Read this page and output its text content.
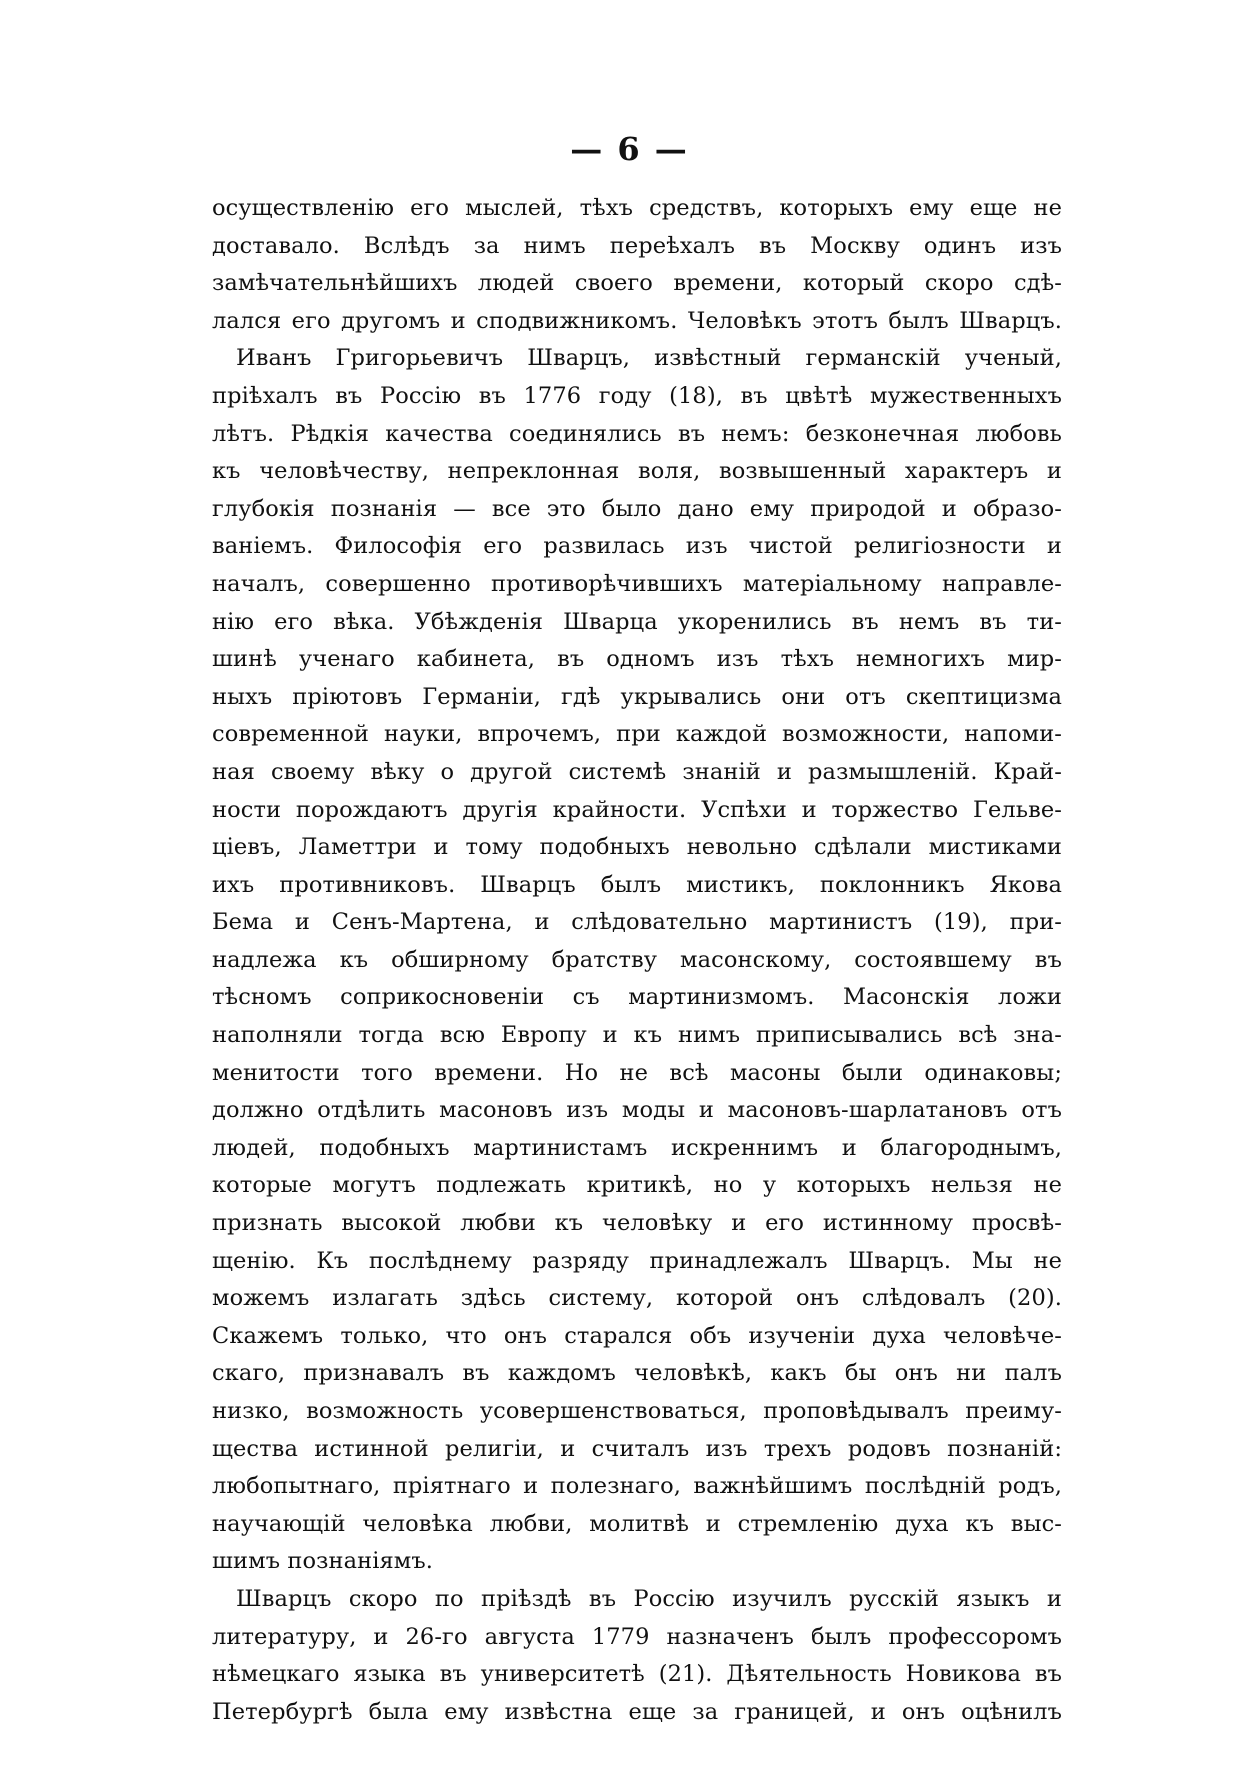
— 6 —
осуществленію его мыслей, тѣхъ средствъ, которыхъ ему еще не
доставало. Вслѣдъ за нимъ переѣхалъ въ Москву одинъ изъ
замѣчательнѣйшихъ людей своего времени, который скоро сдѣ-
лался его другомъ и сподвижникомъ. Человѣкъ этотъ былъ Шварцъ.
Иванъ Григорьевичъ Шварцъ, извѣстный германскій ученый,
пріѣхалъ въ Россію въ 1776 году (18), въ цвѣтѣ мужественныхъ
лѣтъ. Рѣдкія качества соединялись въ немъ: безконечная любовь
къ человѣчеству, непреклонная воля, возвышенный характеръ и
глубокія познанія — все это было дано ему природой и образо-
ваніемъ. Философія его развилась изъ чистой религіозности и
началъ, совершенно противорѣчившихъ матеріальному направле-
нію его вѣка. Убѣжденія Шварца укоренились въ немъ въ ти-
шинѣ ученаго кабинета, въ одномъ изъ тѣхъ немногихъ мир-
ныхъ пріютовъ Германіи, гдѣ укрывались они отъ скептицизма
современной науки, впрочемъ, при каждой возможности, напоми-
ная своему вѣку о другой системѣ знаній и размышленій. Край-
ности порождаютъ другія крайности. Успѣхи и торжество Гельве-
ціевъ, Ламеттри и тому подобныхъ невольно сдѣлали мистиками
ихъ противниковъ. Шварцъ былъ мистикъ, поклонникъ Якова
Бема и Сенъ-Мартена, и слѣдовательно мартинистъ (19), при-
надлежа къ обширному братству масонскому, состоявшему въ
тѣсномъ соприкосновеніи съ мартинизмомъ. Масонскія ложи
наполняли тогда всю Европу и къ нимъ приписывались всѣ зна-
менитости того времени. Но не всѣ масоны были одинаковы;
должно отдѣлить масоновъ изъ моды и масоновъ-шарлатановъ отъ
людей, подобныхъ мартинистамъ искреннимъ и благороднымъ,
которые могутъ подлежать критикѣ, но у которыхъ нельзя не
признать высокой любви къ человѣку и его истинному просвѣ-
щенію. Къ послѣднему разряду принадлежалъ Шварцъ. Мы не
можемъ излагать здѣсь систему, которой онъ слѣдовалъ (20).
Скажемъ только, что онъ старался объ изученіи духа человѣче-
скаго, признавалъ въ каждомъ человѣкѣ, какъ бы онъ ни палъ
низко, возможность усовершенствоваться, проповѣдывалъ преиму-
щества истинной религіи, и считалъ изъ трехъ родовъ познаній:
любопытнаго, пріятнаго и полезнаго, важнѣйшимъ послѣдній родъ,
научающій человѣка любви, молитвѣ и стремленію духа къ выс-
шимъ познаніямъ.
Шварцъ скоро по пріѣздѣ въ Россію изучилъ русскій языкъ и
литературу, и 26-го августа 1779 назначенъ былъ профессоромъ
нѣмецкаго языка въ университетѣ (21). Дѣятельность Новикова въ
Петербургѣ была ему извѣстна еще за границей, и онъ оцѣнилъ
